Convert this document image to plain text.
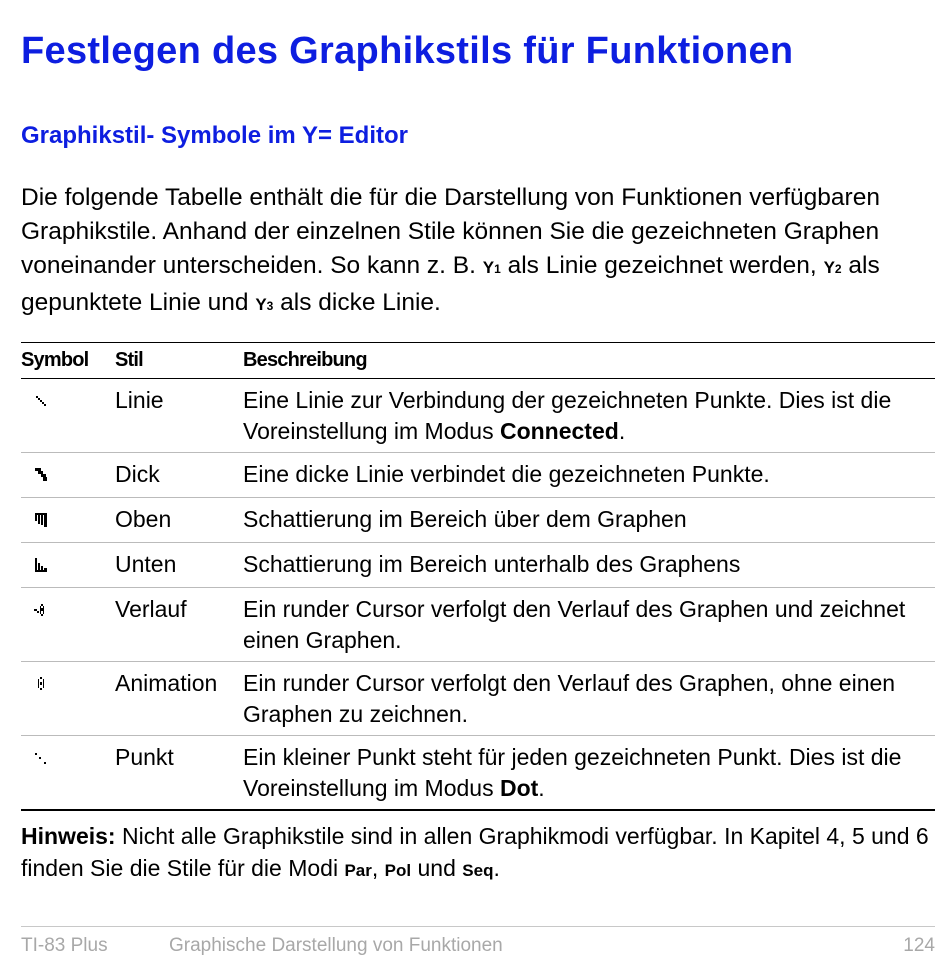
Festlegen des Graphikstils für Funktionen
Graphikstil- Symbole im Y= Editor

Die folgende Tabelle enthält die für die Darstellung von Funktionen verfügbaren Graphikstile. Anhand der einzelnen Stile können Sie die gezeichneten Graphen voneinander unterscheiden. So kann z. B. Y1 als Linie gezeichnet werden, Y2 als gepunktete Linie und Y3 als dicke Linie.

Symbol	Stil	Beschreibung

	Linie	Eine Linie zur Verbindung der gezeichneten Punkte. Dies ist die Voreinstellung im Modus Connected.

	Dick	Eine dicke Linie verbindet die gezeichneten Punkte.

	Oben	Schattierung im Bereich über dem Graphen

	Unten	Schattierung im Bereich unterhalb des Graphens

	Verlauf	Ein runder Cursor verfolgt den Verlauf des Graphen und zeichnet einen Graphen.

	Animation	Ein runder Cursor verfolgt den Verlauf des Graphen, ohne einen Graphen zu zeichnen.

	Punkt	Ein kleiner Punkt steht für jeden gezeichneten Punkt. Dies ist die Voreinstellung im Modus Dot.

Hinweis: Nicht alle Graphikstile sind in allen Graphikmodi verfügbar. In Kapitel 4, 5 und 6 finden Sie die Stile für die Modi Par, Pol und Seq.

TI-83 Plus	Graphische Darstellung von Funktionen	124
